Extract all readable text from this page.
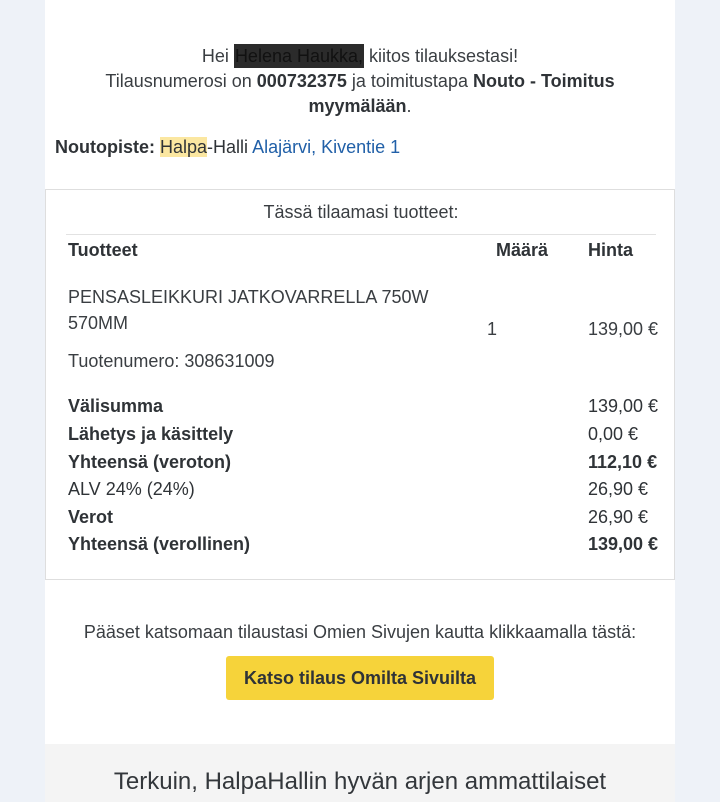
Hei Helena Haukka, kiitos tilauksestasi!
Tilausnumerosi on 000732375 ja toimitustapa Nouto - Toimitus myymälään.
Noutopiste: Halpa-Halli Alajärvi, Kiventie 1
Tässä tilaamasi tuotteet:
Tuotteet	Määrä Hinta
PENSASLEIKKURI JATKOVARRELLA 750W 570MM	1	139,00 €
Tuotenumero: 308631009
Välisumma	139,00 €
Lähetys ja käsittely	0,00 €
Yhteensä (veroton)	112,10 €
ALV 24% (24%)	26,90 €
Verot	26,90 €
Yhteensä (verollinen)	139,00 €
Pääset katsomaan tilaustasi Omien Sivujen kautta klikkaamalla tästä:
Katso tilaus Omilta Sivuilta
Terkuin, HalpaHallin hyvän arjen ammattilaiset
